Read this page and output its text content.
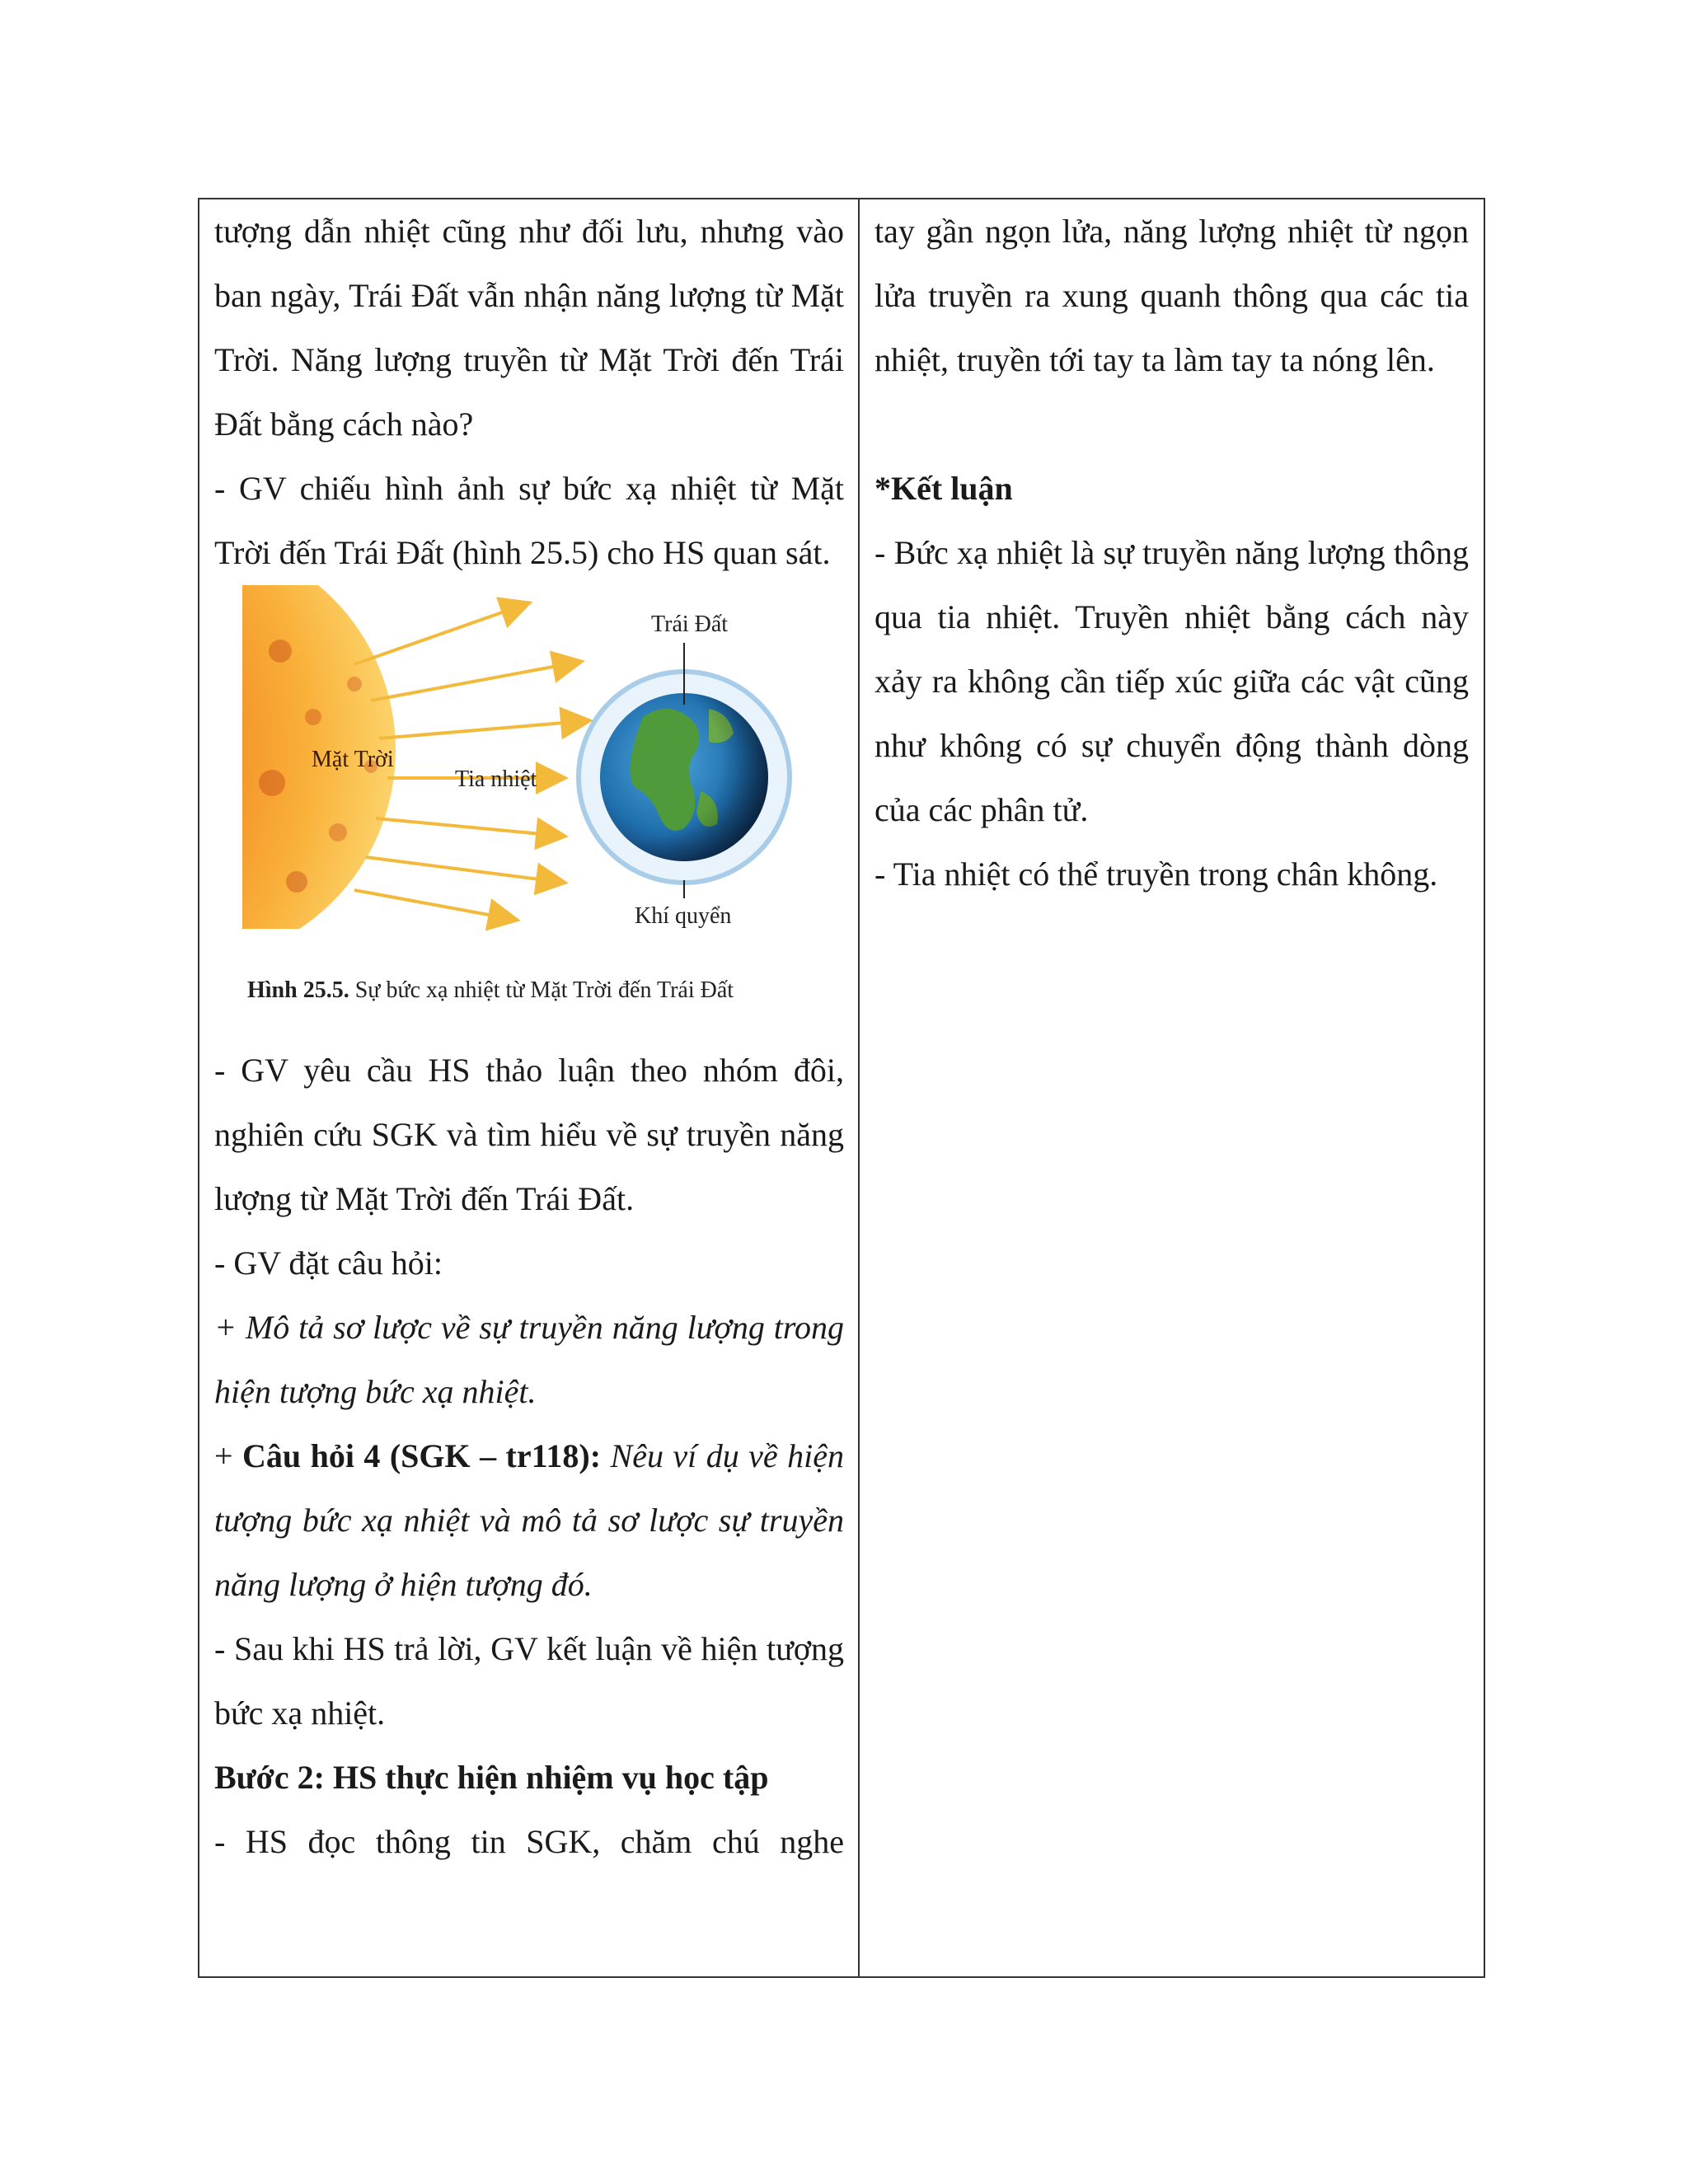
tượng dẫn nhiệt cũng như đối lưu, nhưng vào ban ngày, Trái Đất vẫn nhận năng lượng từ Mặt Trời. Năng lượng truyền từ Mặt Trời đến Trái Đất bằng cách nào?

- GV chiếu hình ảnh sự bức xạ nhiệt từ Mặt Trời đến Trái Đất (hình 25.5) cho HS quan sát.

Mặt Trời
Tia nhiệt
Trái Đất
Khí quyển
Hình 25.5. Sự bức xạ nhiệt từ Mặt Trời đến Trái Đất

- GV yêu cầu HS thảo luận theo nhóm đôi, nghiên cứu SGK và tìm hiểu về sự truyền năng lượng từ Mặt Trời đến Trái Đất.

- GV đặt câu hỏi:

+ Mô tả sơ lược về sự truyền năng lượng trong hiện tượng bức xạ nhiệt.

+ Câu hỏi 4 (SGK – tr118): Nêu ví dụ về hiện tượng bức xạ nhiệt và mô tả sơ lược sự truyền năng lượng ở hiện tượng đó.

- Sau khi HS trả lời, GV kết luận về hiện tượng bức xạ nhiệt.

Bước 2: HS thực hiện nhiệm vụ học tập

- HS đọc thông tin SGK, chăm chú nghe

tay gần ngọn lửa, năng lượng nhiệt từ ngọn lửa truyền ra xung quanh thông qua các tia nhiệt, truyền tới tay ta làm tay ta nóng lên.

*Kết luận

- Bức xạ nhiệt là sự truyền năng lượng thông qua tia nhiệt. Truyền nhiệt bằng cách này xảy ra không cần tiếp xúc giữa các vật cũng như không có sự chuyển động thành dòng của các phân tử.

- Tia nhiệt có thể truyền trong chân không.
